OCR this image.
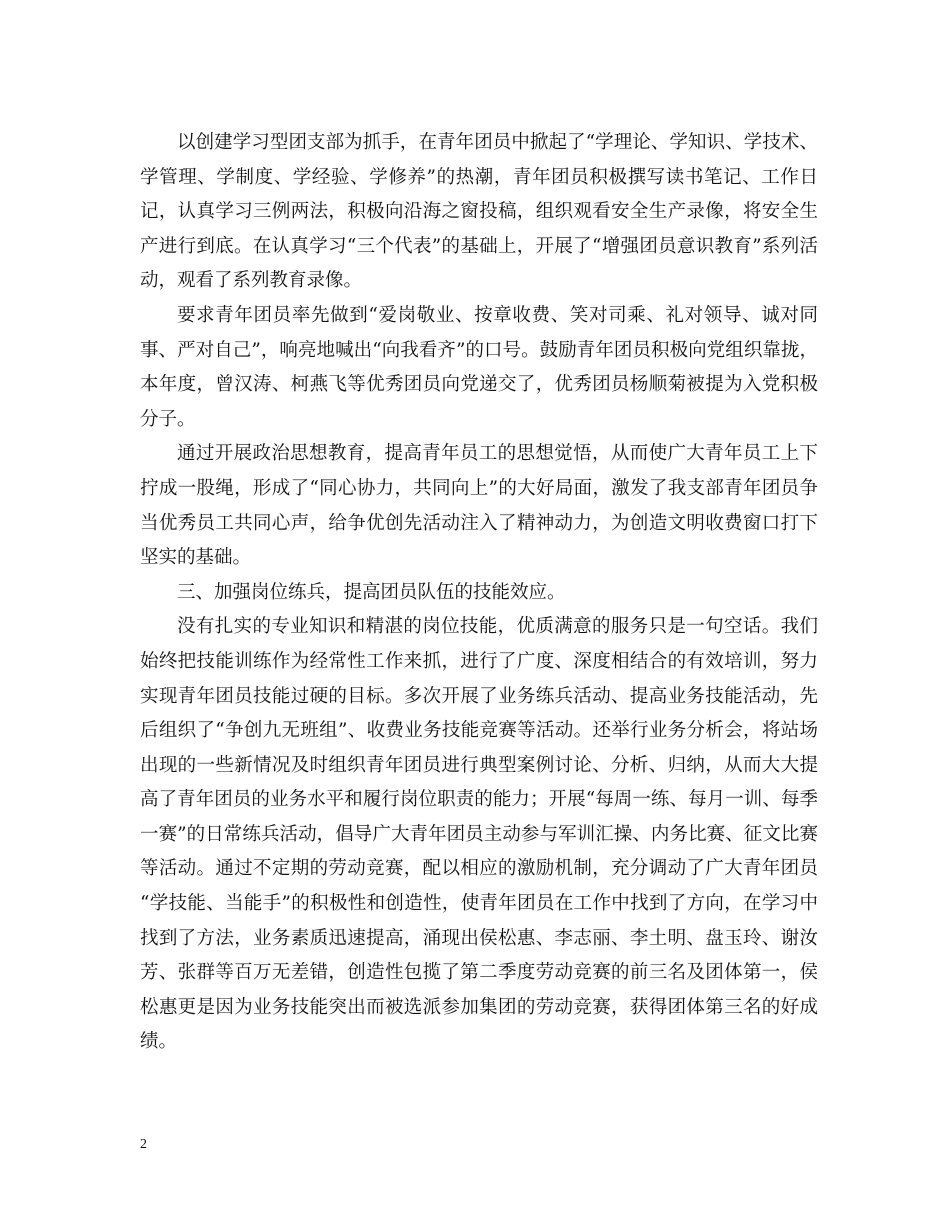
以创建学习型团支部为抓手，在青年团员中掀起了“学理论、学知识、学技术、学管理、学制度、学经验、学修养”的热潮，青年团员积极撰写读书笔记、工作日记，认真学习三例两法，积极向沿海之窗投稿，组织观看安全生产录像，将安全生产进行到底。在认真学习“三个代表”的基础上，开展了“增强团员意识教育”系列活动，观看了系列教育录像。

要求青年团员率先做到“爱岗敬业、按章收费、笑对司乘、礼对领导、诚对同事、严对自己”，响亮地喊出“向我看齐”的口号。鼓励青年团员积极向党组织靠拢，本年度，曾汉涛、柯燕飞等优秀团员向党递交了，优秀团员杨顺菊被提为入党积极分子。

通过开展政治思想教育，提高青年员工的思想觉悟，从而使广大青年员工上下拧成一股绳，形成了“同心协力，共同向上”的大好局面，激发了我支部青年团员争当优秀员工共同心声，给争优创先活动注入了精神动力，为创造文明收费窗口打下坚实的基础。

三、加强岗位练兵，提高团员队伍的技能效应。

没有扎实的专业知识和精湛的岗位技能，优质满意的服务只是一句空话。我们始终把技能训练作为经常性工作来抓，进行了广度、深度相结合的有效培训，努力实现青年团员技能过硬的目标。多次开展了业务练兵活动、提高业务技能活动，先后组织了“争创九无班组”、收费业务技能竞赛等活动。还举行业务分析会，将站场出现的一些新情况及时组织青年团员进行典型案例讨论、分析、归纳，从而大大提高了青年团员的业务水平和履行岗位职责的能力；开展“每周一练、每月一训、每季一赛”的日常练兵活动，倡导广大青年团员主动参与军训汇操、内务比赛、征文比赛等活动。通过不定期的劳动竞赛，配以相应的激励机制，充分调动了广大青年团员 “学技能、当能手”的积极性和创造性，使青年团员在工作中找到了方向，在学习中找到了方法，业务素质迅速提高，涌现出侯松惠、李志丽、李土明、盘玉玲、谢汝芳、张群等百万无差错，创造性包揽了第二季度劳动竞赛的前三名及团体第一，侯松惠更是因为业务技能突出而被选派参加集团的劳动竞赛，获得团体第三名的好成绩。

2
